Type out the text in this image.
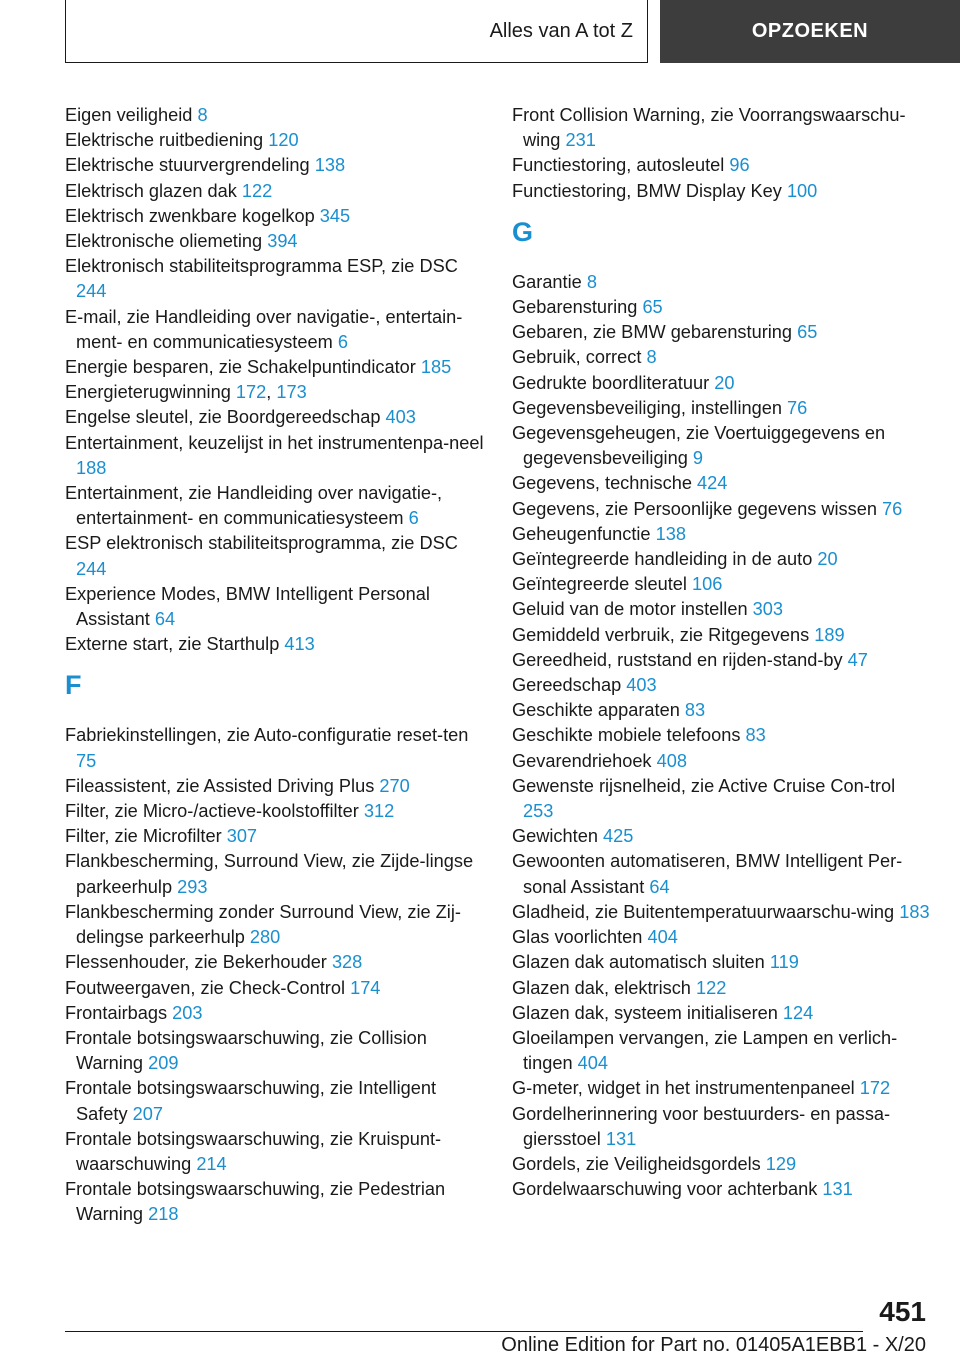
Alles van A tot Z	OPZOEKEN

Eigen veiligheid 8

Elektrische ruitbediening 120

Elektrische stuurvergrendeling 138

Elektrisch glazen dak 122

Elektrisch zwenkbare kogelkop 345

Elektronische oliemeting 394

Elektronisch stabiliteitsprogramma ESP, zie DSC 244

E-mail, zie Handleiding over navigatie-, entertain-ment- en communicatiesysteem 6

Energie besparen, zie Schakelpuntindicator 185

Energieterugwinning 172, 173

Engelse sleutel, zie Boordgereedschap 403

Entertainment, keuzelijst in het instrumentenpa-neel 188

Entertainment, zie Handleiding over navigatie-, entertainment- en communicatiesysteem 6

ESP elektronisch stabiliteitsprogramma, zie DSC 244

Experience Modes, BMW Intelligent Personal Assistant 64

Externe start, zie Starthulp 413

F

Fabriekinstellingen, zie Auto-configuratie reset-ten 75

Fileassistent, zie Assisted Driving Plus 270

Filter, zie Micro-/actieve-koolstoffilter 312

Filter, zie Microfilter 307

Flankbescherming, Surround View, zie Zijde-lingse parkeerhulp 293

Flankbescherming zonder Surround View, zie Zij-delingse parkeerhulp 280

Flessenhouder, zie Bekerhouder 328

Foutweergaven, zie Check-Control 174

Frontairbags 203

Frontale botsingswaarschuwing, zie Collision Warning 209

Frontale botsingswaarschuwing, zie Intelligent Safety 207

Frontale botsingswaarschuwing, zie Kruispunt-waarschuwing 214

Frontale botsingswaarschuwing, zie Pedestrian Warning 218

Front Collision Warning, zie Voorrangswaarschu-wing 231

Functiestoring, autosleutel 96

Functiestoring, BMW Display Key 100

G

Garantie 8

Gebarensturing 65

Gebaren, zie BMW gebarensturing 65

Gebruik, correct 8

Gedrukte boordliteratuur 20

Gegevensbeveiliging, instellingen 76

Gegevensgeheugen, zie Voertuiggegevens en gegevensbeveiliging 9

Gegevens, technische 424

Gegevens, zie Persoonlijke gegevens wissen 76

Geheugenfunctie 138

Geïntegreerde handleiding in de auto 20

Geïntegreerde sleutel 106

Geluid van de motor instellen 303

Gemiddeld verbruik, zie Ritgegevens 189

Gereedheid, ruststand en rijden-stand-by 47

Gereedschap 403

Geschikte apparaten 83

Geschikte mobiele telefoons 83

Gevarendriehoek 408

Gewenste rijsnelheid, zie Active Cruise Con-trol 253

Gewichten 425

Gewoonten automatiseren, BMW Intelligent Per-sonal Assistant 64

Gladheid, zie Buitentemperatuurwaarschu-wing 183

Glas voorlichten 404

Glazen dak automatisch sluiten 119

Glazen dak, elektrisch 122

Glazen dak, systeem initialiseren 124

Gloeilampen vervangen, zie Lampen en verlich-tingen 404

G-meter, widget in het instrumentenpaneel 172

Gordelherinnering voor bestuurders- en passa-giersstoel 131

Gordels, zie Veiligheidsgordels 129

Gordelwaarschuwing voor achterbank 131

451
Online Edition for Part no. 01405A1EBB1 - X/20
